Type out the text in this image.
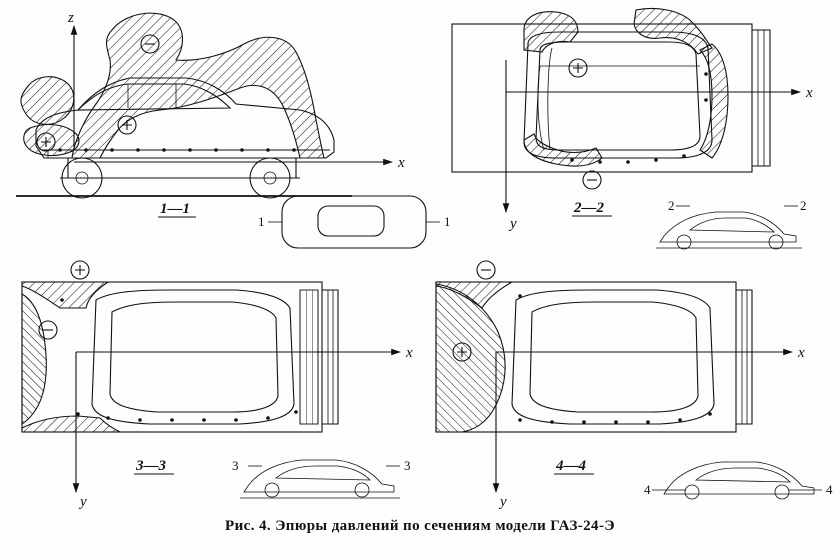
z
x
1—1
1	1
x
y
2—2	2	2
x
y
3—3	3	3
x
y
4—4
4	4
Рис. 4. Эпюры давлений по сечениям модели ГАЗ-24-Э
